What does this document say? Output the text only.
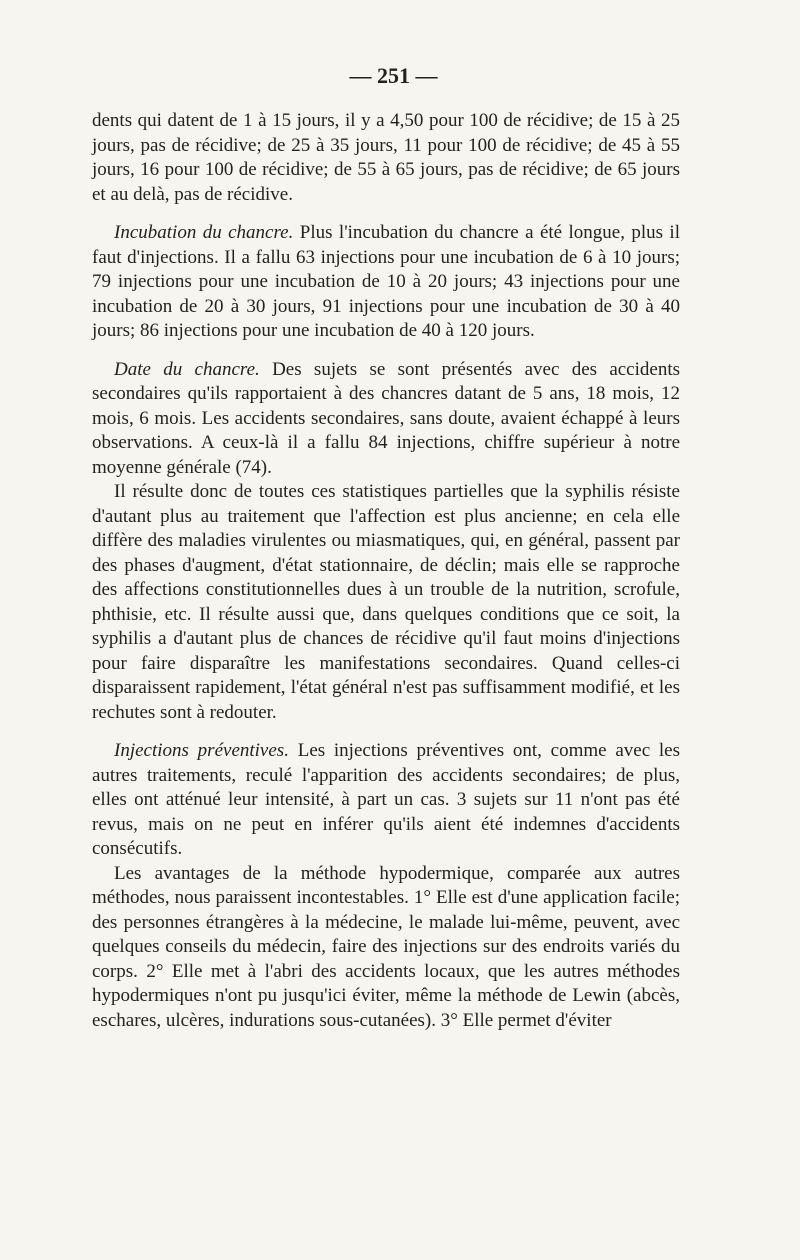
— 251 —

dents qui datent de 1 à 15 jours, il y a 4,50 pour 100 de récidive; de 15 à 25 jours, pas de récidive; de 25 à 35 jours, 11 pour 100 de récidive; de 45 à 55 jours, 16 pour 100 de récidive; de 55 à 65 jours, pas de récidive; de 65 jours et au delà, pas de récidive.

Incubation du chancre. Plus l'incubation du chancre a été longue, plus il faut d'injections. Il a fallu 63 injections pour une incubation de 6 à 10 jours; 79 injections pour une incubation de 10 à 20 jours; 43 injections pour une incubation de 20 à 30 jours, 91 injections pour une incubation de 30 à 40 jours; 86 injections pour une incubation de 40 à 120 jours.

Date du chancre. Des sujets se sont présentés avec des accidents secondaires qu'ils rapportaient à des chancres datant de 5 ans, 18 mois, 12 mois, 6 mois. Les accidents secondaires, sans doute, avaient échappé à leurs observations. A ceux-là il a fallu 84 injections, chiffre supérieur à notre moyenne générale (74).

Il résulte donc de toutes ces statistiques partielles que la syphilis résiste d'autant plus au traitement que l'affection est plus ancienne; en cela elle diffère des maladies virulentes ou miasmatiques, qui, en général, passent par des phases d'augment, d'état stationnaire, de déclin; mais elle se rapproche des affections constitutionnelles dues à un trouble de la nutrition, scrofule, phthisie, etc. Il résulte aussi que, dans quelques conditions que ce soit, la syphilis a d'autant plus de chances de récidive qu'il faut moins d'injections pour faire disparaître les manifestations secondaires. Quand celles-ci disparaissent rapidement, l'état général n'est pas suffisamment modifié, et les rechutes sont à redouter.

Injections préventives. Les injections préventives ont, comme avec les autres traitements, reculé l'apparition des accidents secondaires; de plus, elles ont atténué leur intensité, à part un cas. 3 sujets sur 11 n'ont pas été revus, mais on ne peut en inférer qu'ils aient été indemnes d'accidents consécutifs.

Les avantages de la méthode hypodermique, comparée aux autres méthodes, nous paraissent incontestables. 1° Elle est d'une application facile; des personnes étrangères à la médecine, le malade lui-même, peuvent, avec quelques conseils du médecin, faire des injections sur des endroits variés du corps. 2° Elle met à l'abri des accidents locaux, que les autres méthodes hypodermiques n'ont pu jusqu'ici éviter, même la méthode de Lewin (abcès, eschares, ulcères, indurations sous-cutanées). 3° Elle permet d'éviter
